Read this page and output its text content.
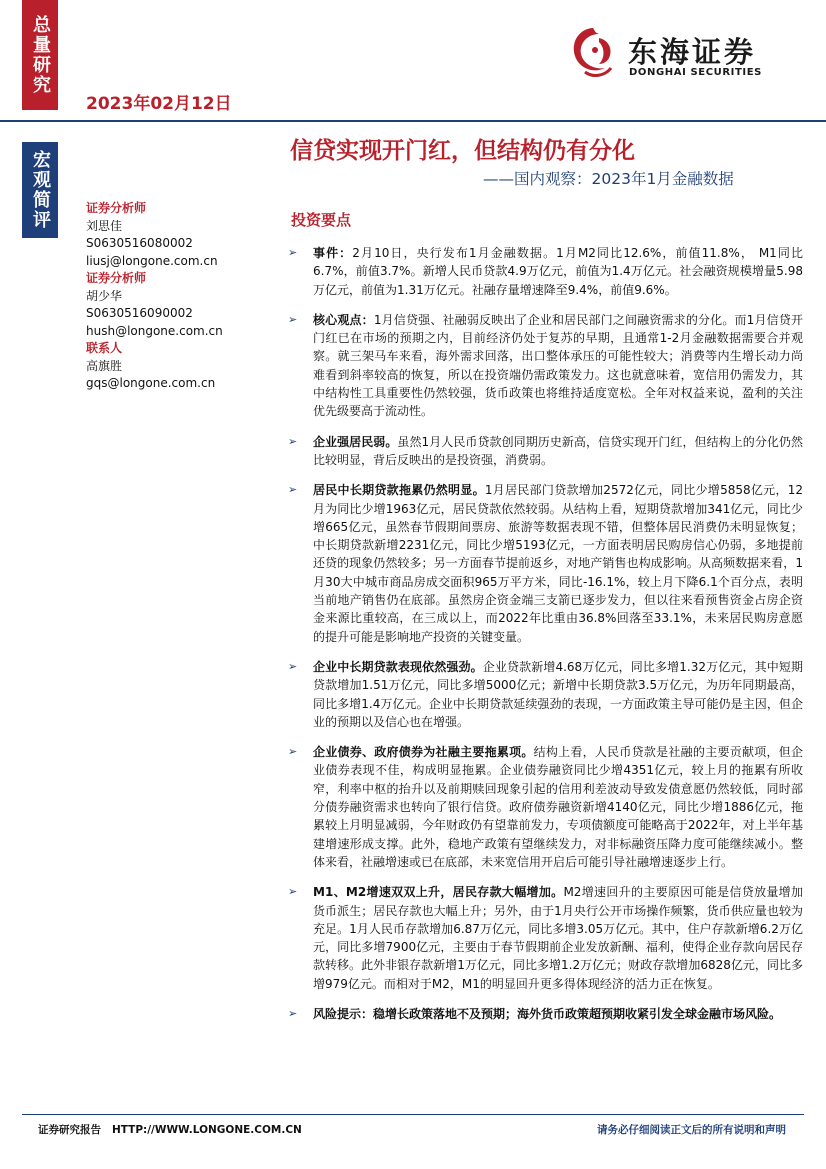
总量研究
宏观简评
2023年02月12日
东海证券
DONGHAI SECURITIES
信贷实现开门红，但结构仍有分化
——国内观察：2023年1月金融数据
证券分析师
刘思佳
S0630516080002
liusj@longone.com.cn
证券分析师
胡少华
S0630516090002
hush@longone.com.cn
联系人
高旗胜
gqs@longone.com.cn
投资要点
➢ 事件：2月10日，央行发布1月金融数据。1月M2同比12.6%，前值11.8%， M1同比6.7%，前值3.7%。新增人民币贷款4.9万亿元，前值为1.4万亿元。社会融资规模增量5.98万亿元，前值为1.31万亿元。社融存量增速降至9.4%，前值9.6%。
➢ 核心观点：1月信贷强、社融弱反映出了企业和居民部门之间融资需求的分化。而1月信贷开门红已在市场的预期之内，目前经济仍处于复苏的早期，且通常1-2月金融数据需要合并观察。就三架马车来看，海外需求回落，出口整体承压的可能性较大；消费等内生增长动力尚难看到斜率较高的恢复，所以在投资端仍需政策发力。这也就意味着，宽信用仍需发力，其中结构性工具重要性仍然较强，货币政策也将维持适度宽松。全年对权益来说，盈利的关注优先级要高于流动性。
➢ 企业强居民弱。虽然1月人民币贷款创同期历史新高，信贷实现开门红，但结构上的分化仍然比较明显，背后反映出的是投资强，消费弱。
➢ 居民中长期贷款拖累仍然明显。1月居民部门贷款增加2572亿元，同比少增5858亿元，12月为同比少增1963亿元，居民贷款依然较弱。从结构上看，短期贷款增加341亿元，同比少增665亿元，虽然春节假期间票房、旅游等数据表现不错，但整体居民消费仍未明显恢复；中长期贷款新增2231亿元，同比少增5193亿元，一方面表明居民购房信心仍弱，多地提前还贷的现象仍然较多；另一方面春节提前返乡，对地产销售也构成影响。从高频数据来看，1月30大中城市商品房成交面积965万平方米，同比-16.1%，较上月下降6.1个百分点，表明当前地产销售仍在底部。虽然房企资金端三支箭已逐步发力，但以往来看预售资金占房企资金来源比重较高，在三成以上，而2022年比重由36.8%回落至33.1%，未来居民购房意愿的提升可能是影响地产投资的关键变量。
➢ 企业中长期贷款表现依然强劲。企业贷款新增4.68万亿元，同比多增1.32万亿元，其中短期贷款增加1.51万亿元，同比多增5000亿元；新增中长期贷款3.5万亿元，为历年同期最高，同比多增1.4万亿元。企业中长期贷款延续强劲的表现，一方面政策主导可能仍是主因，但企业的预期以及信心也在增强。
➢ 企业债券、政府债券为社融主要拖累项。结构上看，人民币贷款是社融的主要贡献项，但企业债券表现不佳，构成明显拖累。企业债券融资同比少增4351亿元，较上月的拖累有所收窄，利率中枢的抬升以及前期赎回现象引起的信用利差波动导致发债意愿仍然较低，同时部分债券融资需求也转向了银行信贷。政府债券融资新增4140亿元，同比少增1886亿元，拖累较上月明显减弱，今年财政仍有望靠前发力，专项债额度可能略高于2022年，对上半年基建增速形成支撑。此外，稳地产政策有望继续发力，对非标融资压降力度可能继续减小。整体来看，社融增速或已在底部，未来宽信用开启后可能引导社融增速逐步上行。
➢ M1、M2增速双双上升，居民存款大幅增加。M2增速回升的主要原因可能是信贷放量增加货币派生；居民存款也大幅上升；另外，由于1月央行公开市场操作频繁，货币供应量也较为充足。1月人民币存款增加6.87万亿元，同比多增3.05万亿元。其中，住户存款新增6.2万亿元，同比多增7900亿元，主要由于春节假期前企业发放新酬、福利，使得企业存款向居民存款转移。此外非银存款新增1万亿元，同比多增1.2万亿元；财政存款增加6828亿元，同比多增979亿元。而相对于M2，M1的明显回升更多得体现经济的活力正在恢复。
➢ 风险提示：稳增长政策落地不及预期；海外货币政策超预期收紧引发全球金融市场风险。
证券研究报告   HTTP://WWW.LONGONE.COM.CN	请务必仔细阅读正文后的所有说明和声明
